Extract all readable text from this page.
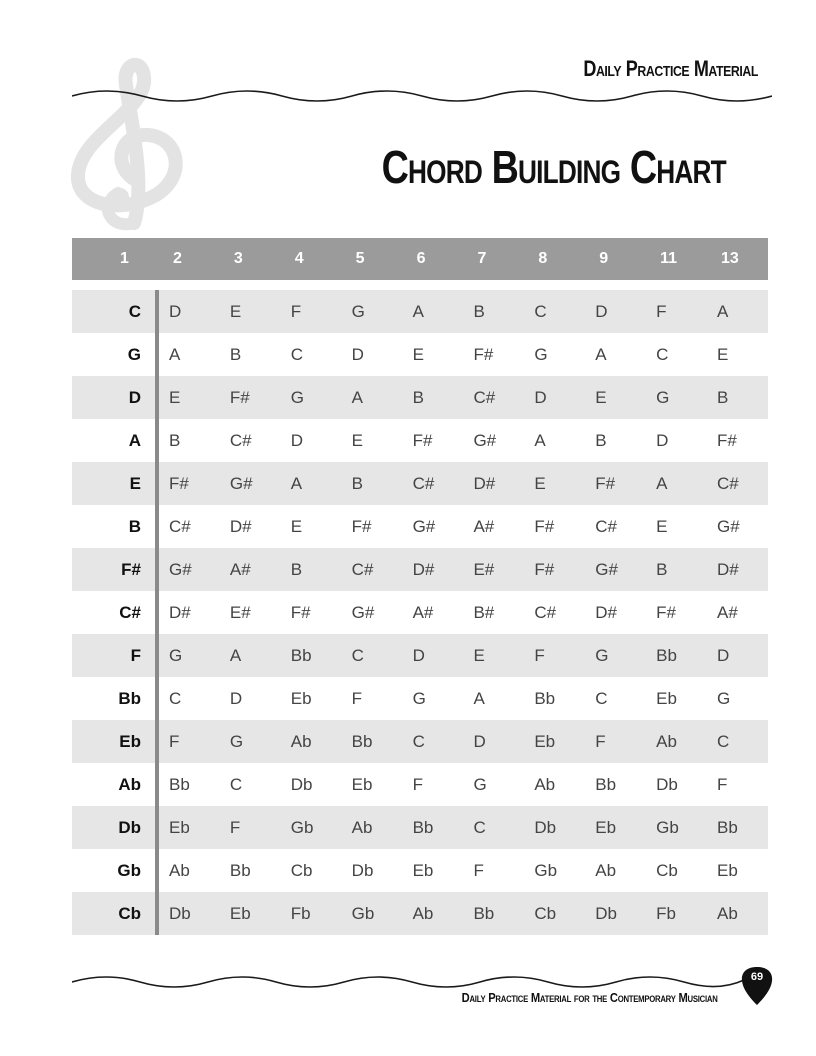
Daily Practice Material
Chord Building Chart
1	2	3	4	5	6	7	8	9	11	13
C	D	E	F	G	A	B	C	D	F	A
G	A	B	C	D	E	F#	G	A	C	E
D	E	F#	G	A	B	C#	D	E	G	B
A	B	C#	D	E	F#	G#	A	B	D	F#
E	F#	G#	A	B	C#	D#	E	F#	A	C#
B	C#	D#	E	F#	G#	A#	F#	C#	E	G#
F#	G#	A#	B	C#	D#	E#	F#	G#	B	D#
C#	D#	E#	F#	G#	A#	B#	C#	D#	F#	A#
F	G	A	Bb	C	D	E	F	G	Bb	D
Bb	C	D	Eb	F	G	A	Bb	C	Eb	G
Eb	F	G	Ab	Bb	C	D	Eb	F	Ab	C
Ab	Bb	C	Db	Eb	F	G	Ab	Bb	Db	F
Db	Eb	F	Gb	Ab	Bb	C	Db	Eb	Gb	Bb
Gb	Ab	Bb	Cb	Db	Eb	F	Gb	Ab	Cb	Eb
Cb	Db	Eb	Fb	Gb	Ab	Bb	Cb	Db	Fb	Ab
69
Daily Practice Material for the Contemporary Musician
